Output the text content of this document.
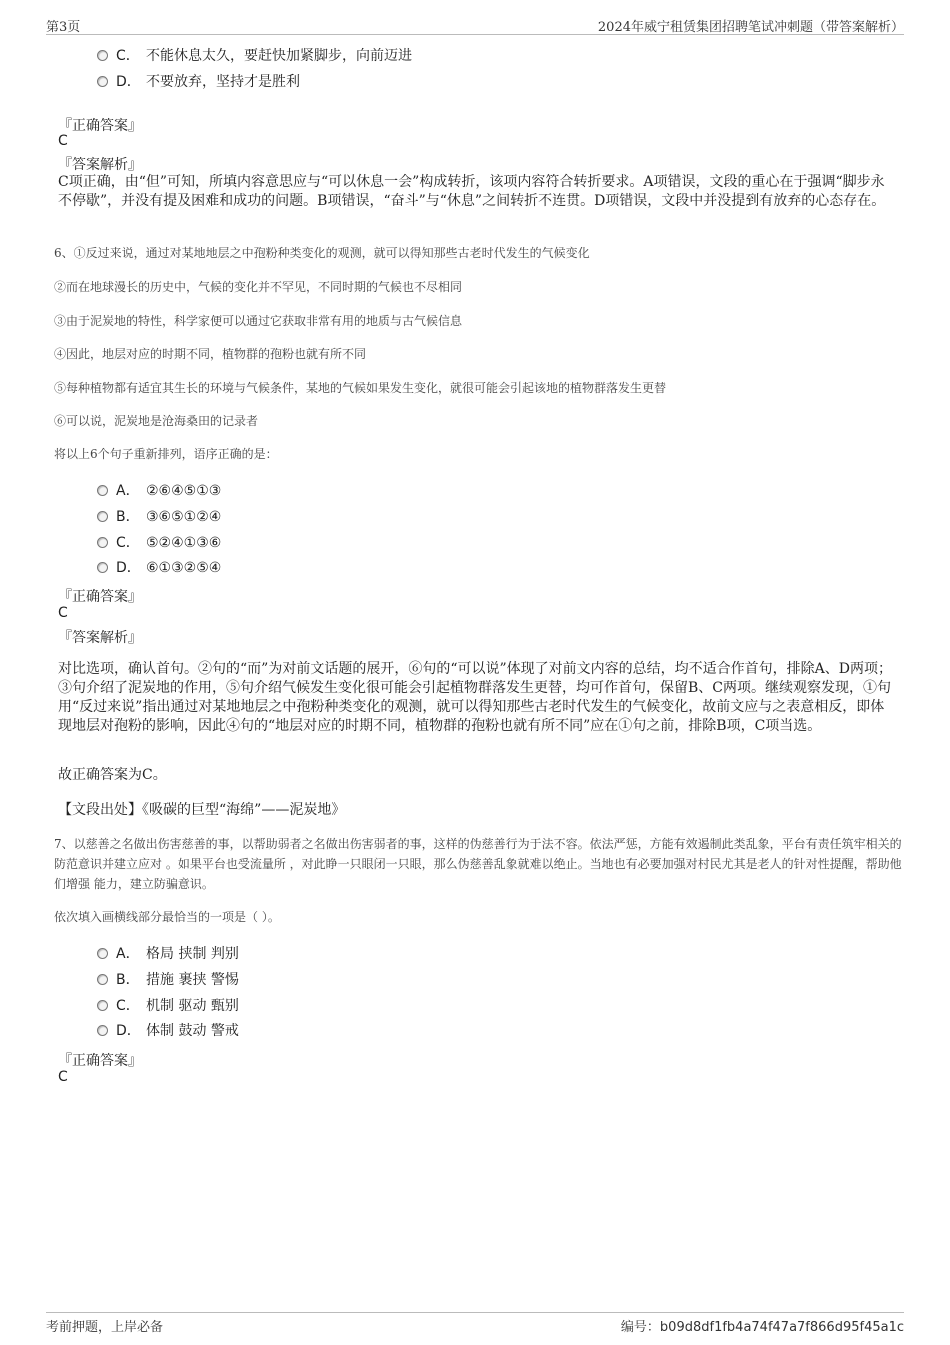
第3页	2024年威宁租赁集团招聘笔试冲刺题（带答案解析）
C． 不能休息太久，要赶快加紧脚步，向前迈进
D． 不要放弃，坚持才是胜利
『正确答案』
C
『答案解析』
C项正确，由“但”可知，所填内容意思应与“可以休息一会”构成转折，该项内容符合转折要求。A项错误，文段的重心在于强调“脚步永不停歇”，并没有提及困难和成功的问题。B项错误，“奋斗”与“休息”之间转折不连贯。D项错误，文段中并没提到有放弃的心态存在。
6、①反过来说，通过对某地地层之中孢粉种类变化的观测，就可以得知那些古老时代发生的气候变化
②而在地球漫长的历史中，气候的变化并不罕见，不同时期的气候也不尽相同
③由于泥炭地的特性，科学家便可以通过它获取非常有用的地质与古气候信息
④因此，地层对应的时期不同，植物群的孢粉也就有所不同
⑤每种植物都有适宜其生长的环境与气候条件，某地的气候如果发生变化，就很可能会引起该地的植物群落发生更替
⑥可以说，泥炭地是沧海桑田的记录者
将以上6个句子重新排列，语序正确的是：
A． ②⑥④⑤①③
B． ③⑥⑤①②④
C． ⑤②④①③⑥
D． ⑥①③②⑤④
『正确答案』
C
『答案解析』
对比选项，确认首句。②句的“而”为对前文话题的展开，⑥句的“可以说”体现了对前文内容的总结，均不适合作首句，排除A、D两项；③句介绍了泥炭地的作用，⑤句介绍气候发生变化很可能会引起植物群落发生更替，均可作首句，保留B、C两项。继续观察发现，①句用“反过来说”指出通过对某地地层之中孢粉种类变化的观测，就可以得知那些古老时代发生的气候变化，故前文应与之表意相反，即体现地层对孢粉的影响，因此④句的“地层对应的时期不同，植物群的孢粉也就有所不同”应在①句之前，排除B项，C项当选。
故正确答案为C。
【文段出处】《吸碳的巨型“海绵”——泥炭地》
7、以慈善之名做出伤害慈善的事，以帮助弱者之名做出伤害弱者的事，这样的伪慈善行为于法不容。依法严惩，方能有效遏制此类乱象，平台有责任筑牢相关的防范意识并建立应对 。如果平台也受流量所 ，对此睁一只眼闭一只眼，那么伪慈善乱象就难以绝止。当地也有必要加强对村民尤其是老人的针对性提醒，帮助他们增强 能力，建立防骗意识。
依次填入画横线部分最恰当的一项是（ ）。
A． 格局 挟制 判别
B． 措施 裹挟 警惕
C． 机制 驱动 甄别
D． 体制 鼓动 警戒
『正确答案』
C
考前押题，上岸必备	编号：b09d8df1fb4a74f47a7f866d95f45a1c
